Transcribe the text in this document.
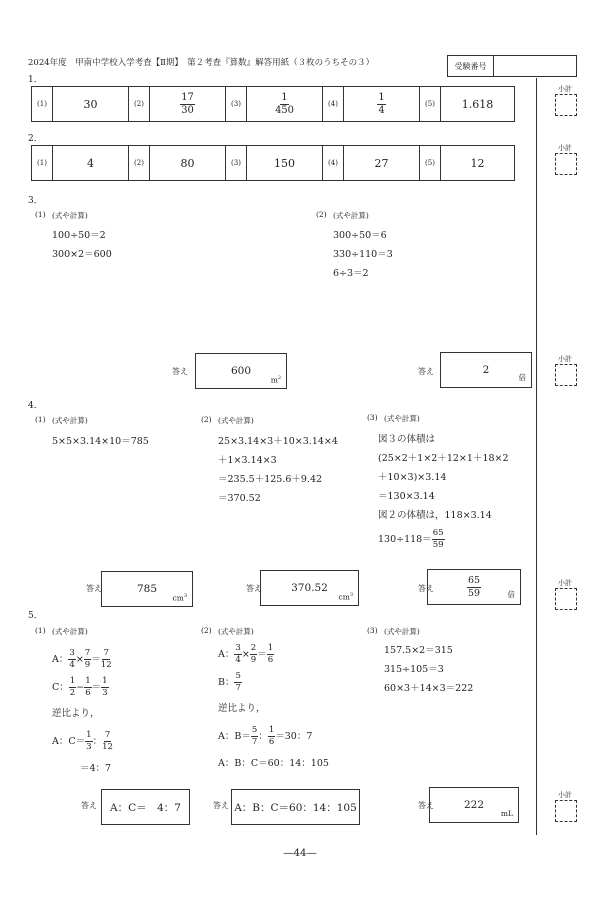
2024年度　甲南中学校入学考査【Ⅱ期】　第２考査『算数』解答用紙（３枚のうちその３）	受験番号
1．
(1)	30	(2)	$\frac{17}{30}$	(3)	$\frac{1}{450}$	(4)	$\frac{1}{4}$	(5)	1.618
小計
2．
(1)	4	(2)	80	(3)	150	(4)	27	(5)	12
小計
3．
(1) (式や計算)
100÷50＝2
300×2＝600
(2) (式や計算)
300÷50＝6
330÷110＝3
6÷3＝2
答え	600
$m^2$
答え	2
倍
小計
4．
(1) (式や計算)
5×5×3.14×10＝785
(2) (式や計算)
25×3.14×3＋10×3.14×4
＋1×3.14×3
＝235.5＋125.6＋9.42
＝370.52
(3) (式や計算)
図３の体積は
(25×2＋1×2＋12×1＋18×2
＋10×3)×3.14
＝130×3.14
図２の体積は，118×3.14
$130\div 118= \frac{65}{59}$
答え	785
$cm^3$
答え	370.52
$cm^3$
答え	$\frac{65}{59}$	倍
小計
5．
(1) (式や計算)
A： $\frac{3}{4} \times \frac{7}{9} = \frac{7}{12}$
C： $\frac{1}{2} - \frac{1}{6} = \frac{1}{3}$
逆比より，
A：$C= \frac{1}{3}$ ： $\frac{7}{12}$
＝4：7
(2) (式や計算)
A： $\frac{3}{4} \times \frac{2}{9} = \frac{1}{6}$
B： $\frac{5}{7}$
逆比より，
A：$B= \frac{5}{7}$ ： $\frac{1}{6} =30$：7
A：B：C＝60：14：105
(3) (式や計算)
157.5×2＝315
315÷105＝3
60×3＋14×3＝222
答え A：C＝　4：7	答え A：B：C＝60：14：105	答え	222
mL
小計
―44―
